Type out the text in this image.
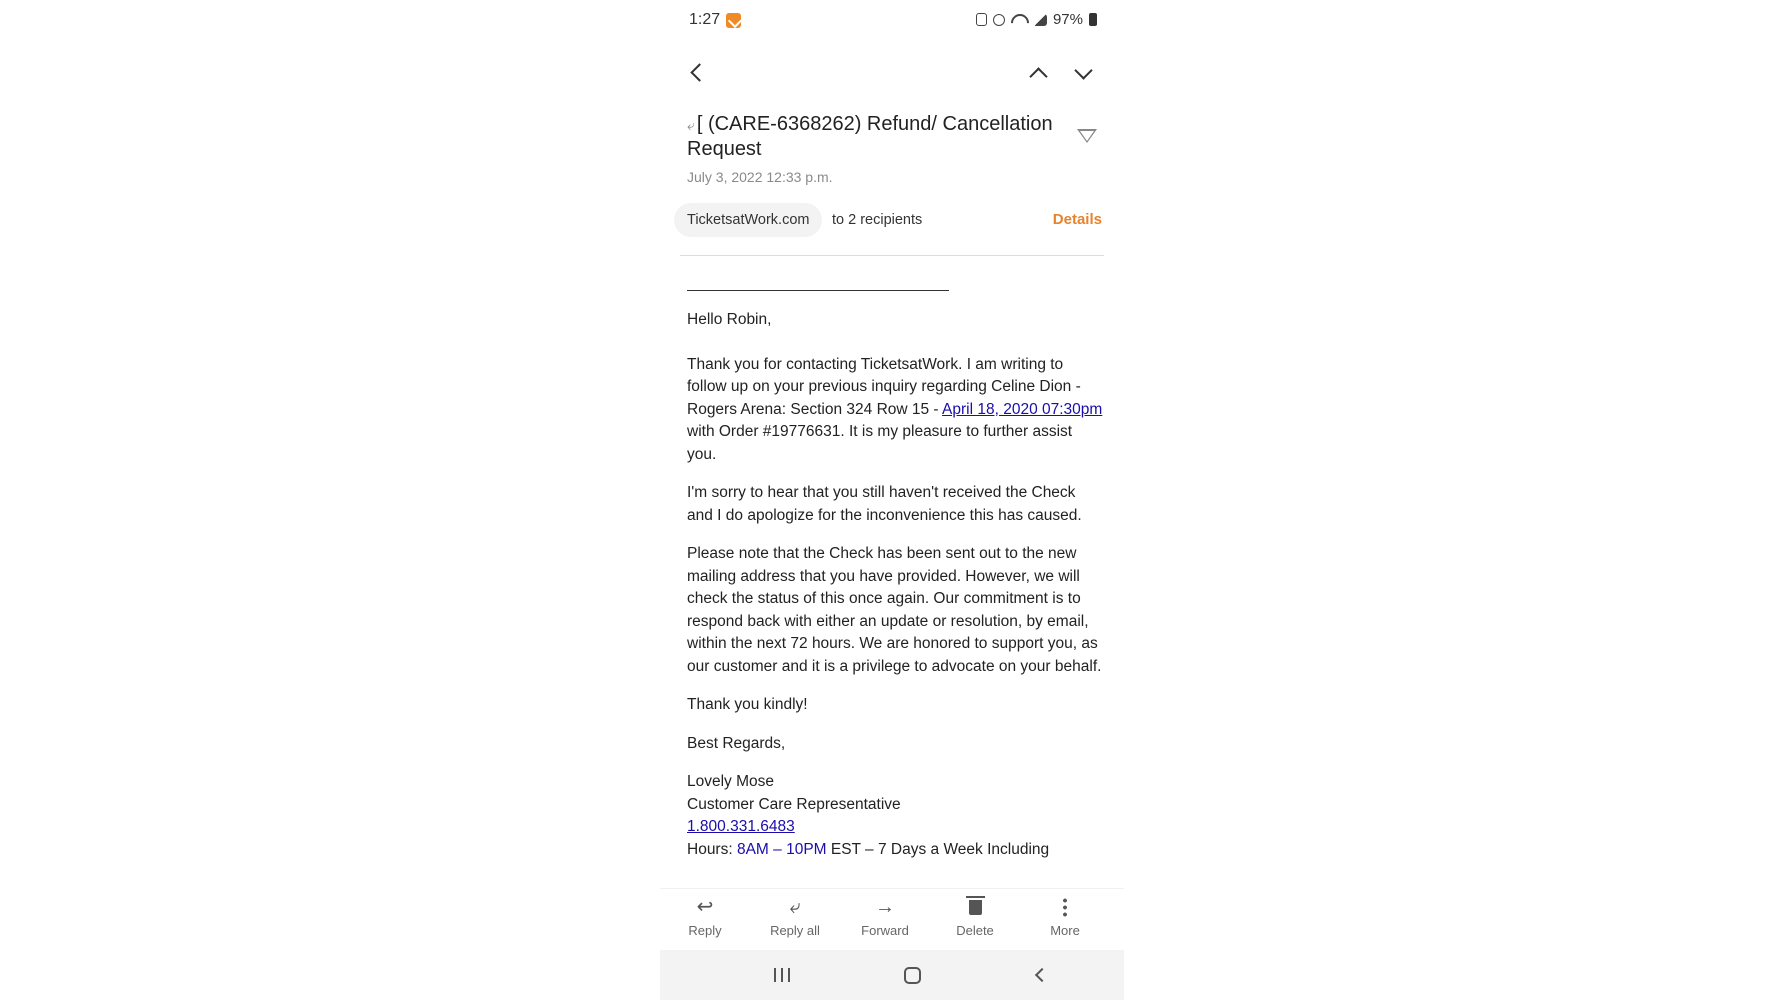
1:27	97%
⤶ [ (CARE-6368262) Refund/ Cancellation Request
July 3, 2022 12:33 p.m.
TicketsatWork.com	to 2 recipients	Details

Hello Robin,

Thank you for contacting TicketsatWork. I am writing to follow up on your previous inquiry regarding Celine Dion - Rogers Arena: Section 324 Row 15 - April 18, 2020 07:30pm with Order #19776631. It is my pleasure to further assist you.

I'm sorry to hear that you still haven't received the Check and I do apologize for the inconvenience this has caused.

Please note that the Check has been sent out to the new mailing address that you have provided. However, we will check the status of this once again. Our commitment is to respond back with either an update or resolution, by email, within the next 72 hours. We are honored to support you, as our customer and it is a privilege to advocate on your behalf.

Thank you kindly!

Best Regards,

Lovely Mose
Customer Care Representative
1.800.331.6483
Hours: 8AM – 10PM EST – 7 Days a Week Including
↩
Reply
⤶
Reply all
→
Forward	Delete	More
